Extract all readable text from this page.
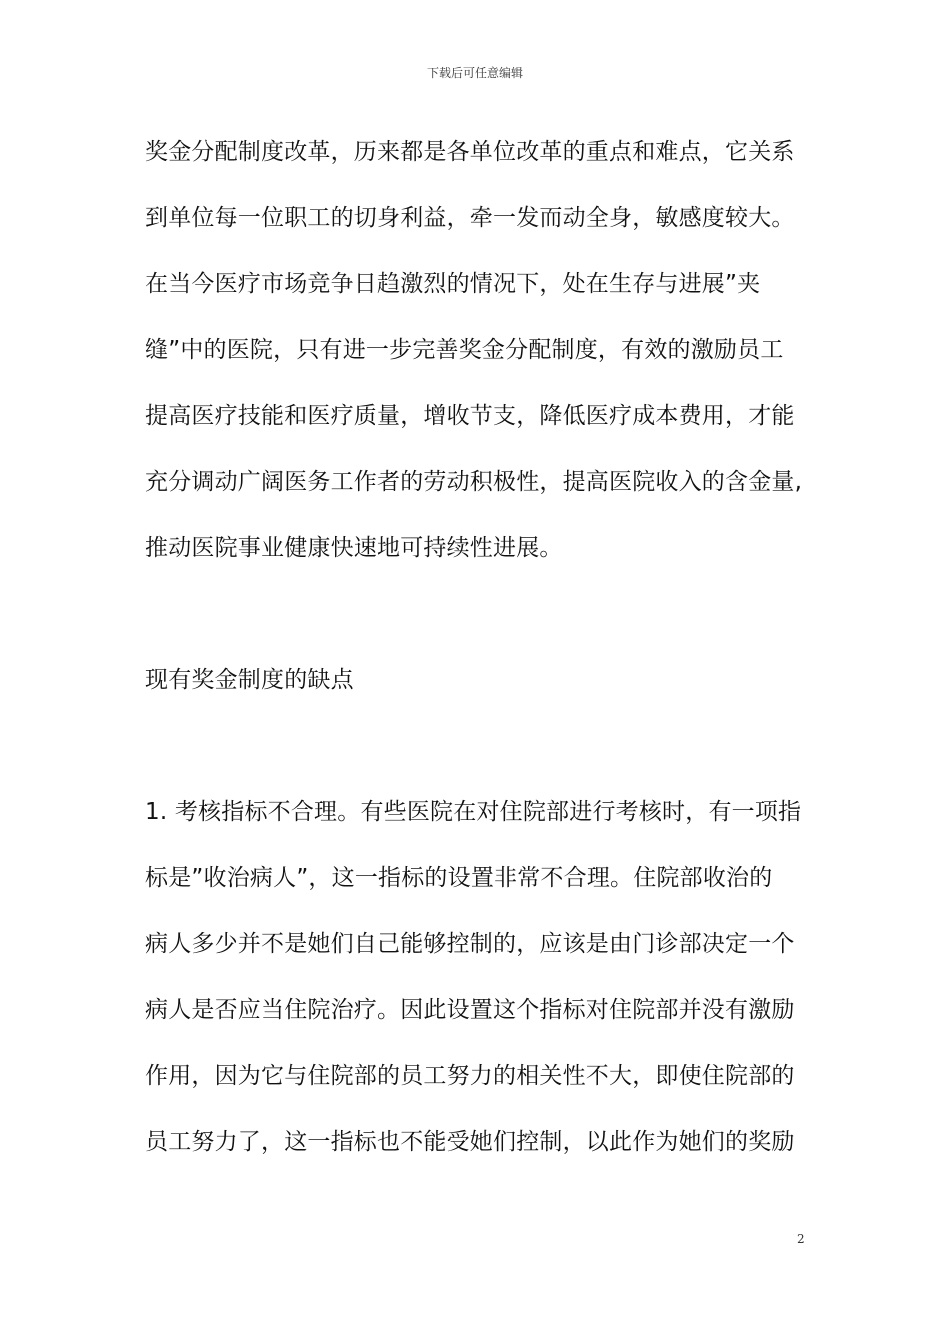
下载后可任意编辑
奖金分配制度改革，历来都是各单位改革的重点和难点，它关系
到单位每一位职工的切身利益，牵一发而动全身，敏感度较大。
在当今医疗市场竞争日趋激烈的情况下，处在生存与进展”夹
缝”中的医院，只有进一步完善奖金分配制度，有效的激励员工
提高医疗技能和医疗质量，增收节支，降低医疗成本费用，才能
充分调动广阔医务工作者的劳动积极性，提高医院收入的含金量,
推动医院事业健康快速地可持续性进展。
现有奖金制度的缺点
1. 考核指标不合理。有些医院在对住院部进行考核时，有一项指
标是”收治病人”，这一指标的设置非常不合理。住院部收治的
病人多少并不是她们自己能够控制的，应该是由门诊部决定一个
病人是否应当住院治疗。因此设置这个指标对住院部并没有激励
作用，因为它与住院部的员工努力的相关性不大，即使住院部的
员工努力了，这一指标也不能受她们控制，以此作为她们的奖励
2
